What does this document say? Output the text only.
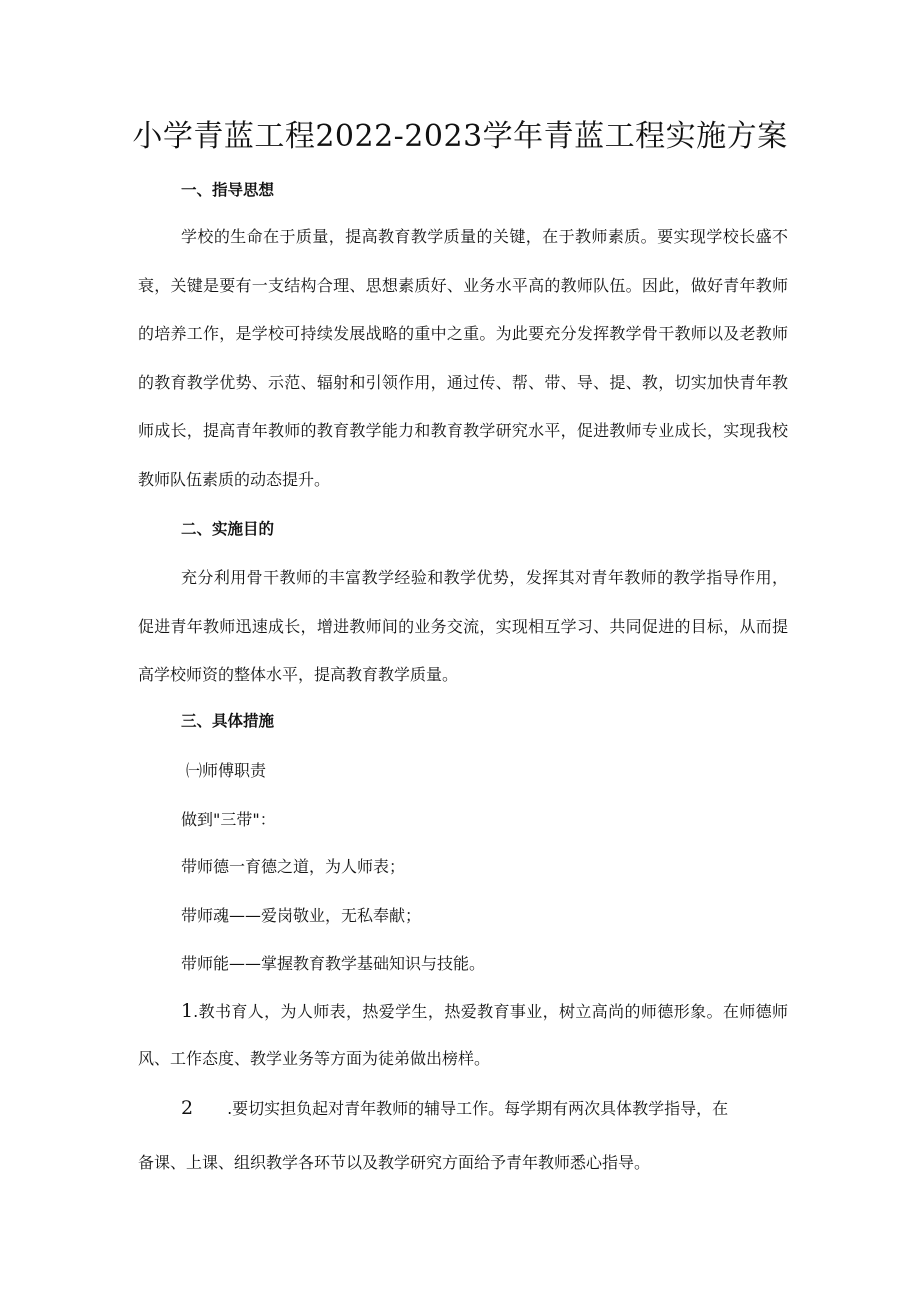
小学青蓝工程2022-2023学年青蓝工程实施方案
一、指导思想

学校的生命在于质量，提高教育教学质量的关键，在于教师素质。要实现学校长盛不衰，关键是要有一支结构合理、思想素质好、业务水平高的教师队伍。因此，做好青年教师的培养工作，是学校可持续发展战略的重中之重。为此要充分发挥教学骨干教师以及老教师的教育教学优势、示范、辐射和引领作用，通过传、帮、带、导、提、教，切实加快青年教师成长，提高青年教师的教育教学能力和教育教学研究水平，促进教师专业成长，实现我校教师队伍素质的动态提升。

二、实施目的

充分利用骨干教师的丰富教学经验和教学优势，发挥其对青年教师的教学指导作用，促进青年教师迅速成长，增进教师间的业务交流，实现相互学习、共同促进的目标，从而提高学校师资的整体水平，提高教育教学质量。

三、具体措施
㈠师傅职责
做到"三带"：
带师德一育德之道，为人师表；
带师魂——爱岗敬业，无私奉献；
带师能——掌握教育教学基础知识与技能。

1.教书育人，为人师表，热爱学生，热爱教育事业，树立高尚的师德形象。在师德师风、工作态度、教学业务等方面为徒弟做出榜样。

2 .要切实担负起对青年教师的辅导工作。每学期有两次具体教学指导，在
备课、上课、组织教学各环节以及教学研究方面给予青年教师悉心指导。
